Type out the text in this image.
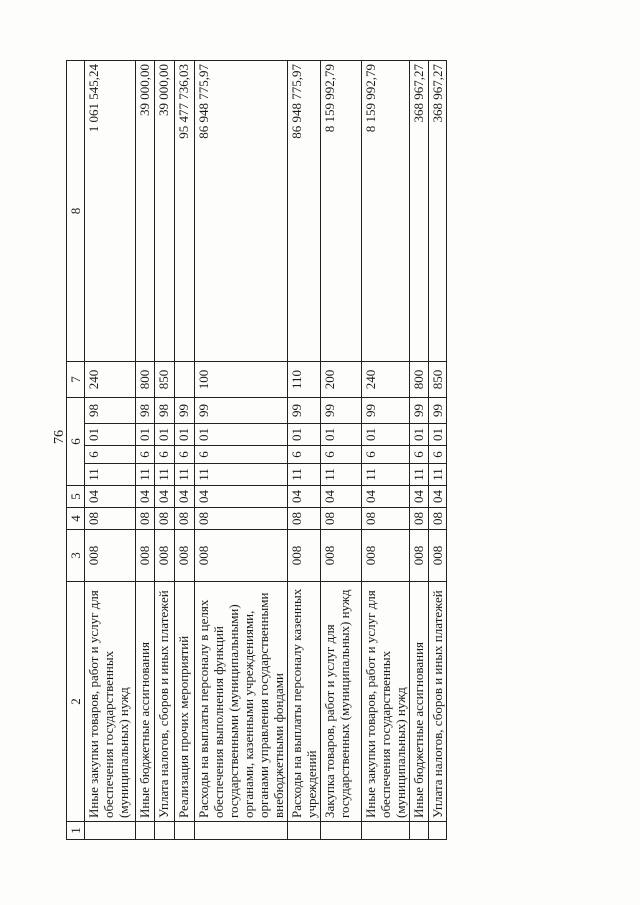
76
1	2	3	4	5	6				7	8
	Иные закупки товаров, работ и услуг для обеспечения государственных (муниципальных) нужд	008	08	04	11	6	01	98	240	1 061 545,24
	Иные бюджетные ассигнования	008	08	04	11	6	01	98	800	39 000,00
	Уплата налогов, сборов и иных платежей	008	08	04	11	6	01	98	850	39 000,00
	Реализация прочих мероприятий	008	08	04	11	6	01	99		95 477 736,03
	Расходы на выплаты персоналу в целях обеспечения выполнения функций государственными (муниципальными) органами, казенными учреждениями, органами управления государственными внебюджетными фондами	008	08	04	11	6	01	99	100	86 948 775,97
	Расходы на выплаты персоналу казенных учреждений	008	08	04	11	6	01	99	110	86 948 775,97
	Закупка товаров, работ и услуг для государственных (муниципальных) нужд	008	08	04	11	6	01	99	200	8 159 992,79
	Иные закупки товаров, работ и услуг для обеспечения государственных (муниципальных) нужд	008	08	04	11	6	01	99	240	8 159 992,79
	Иные бюджетные ассигнования	008	08	04	11	6	01	99	800	368 967,27
	Уплата налогов, сборов и иных платежей	008	08	04	11	6	01	99	850	368 967,27
